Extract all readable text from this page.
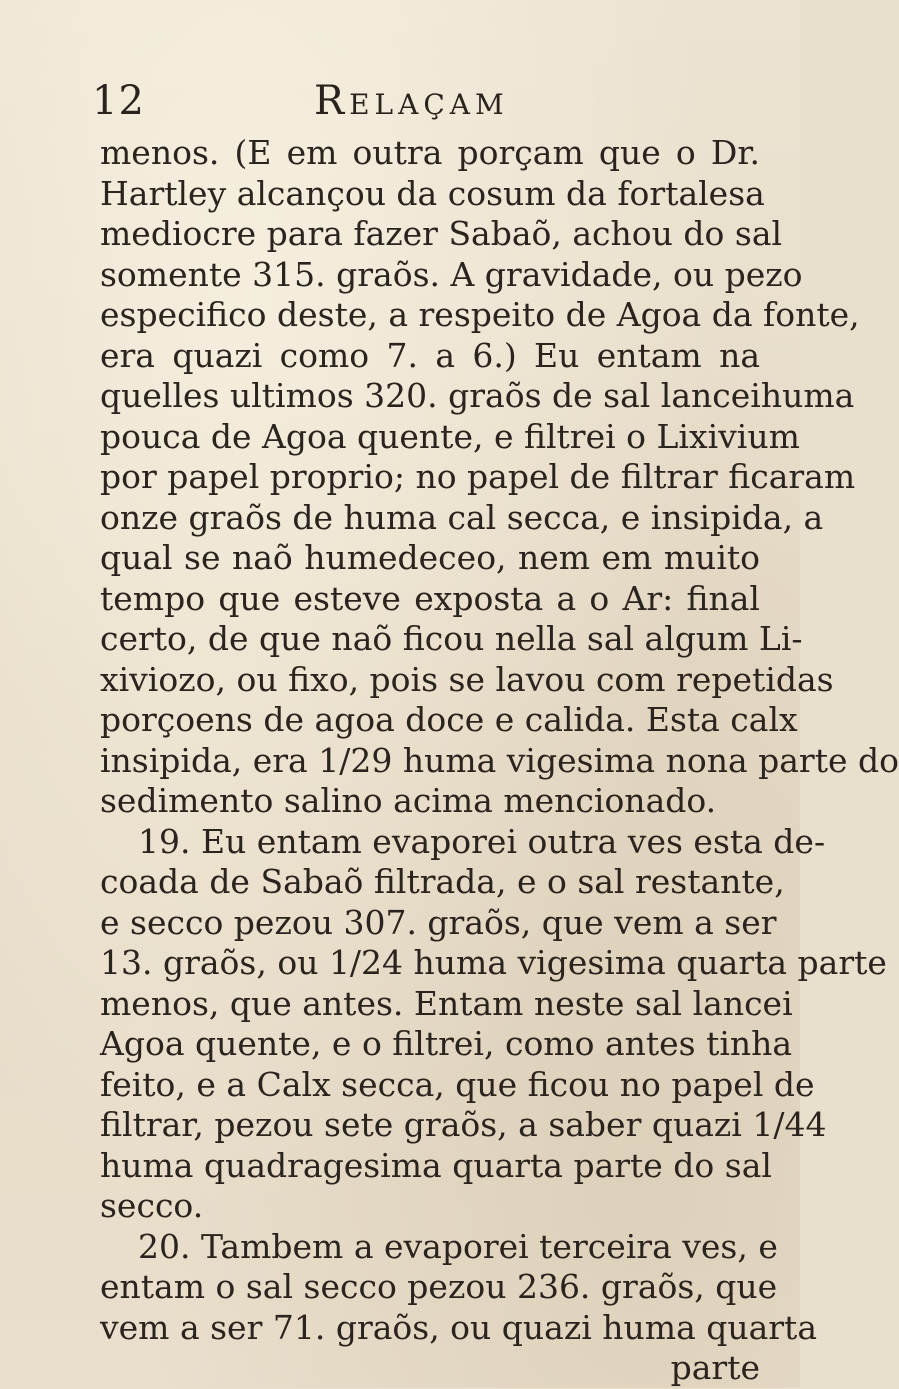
12	Relaçam
menos. (E em outra porçam que o Dr.
Hartley alcançou da cosum da fortalesa
mediocre para fazer Sabaõ, achou do sal
somente 315. graõs. A gravidade, ou pezo
especifico deste, a respeito de Agoa da fonte,
era quazi como 7. a 6.) Eu entam na
quelles ultimos 320. graõs de sal lanceihuma
pouca de Agoa quente, e filtrei o Lixivium
por papel proprio; no papel de filtrar ficaram
onze graõs de huma cal secca, e insipida, a
qual se naõ humedeceo, nem em muito
tempo que esteve exposta a o Ar: final
certo, de que naõ ficou nella sal algum Li-
xiviozo, ou fixo, pois se lavou com repetidas
porçoens de agoa doce e calida. Esta calx
insipida, era 1/29 huma vigesima nona parte do
sedimento salino acima mencionado.
19. Eu entam evaporei outra ves esta de-
coada de Sabaõ filtrada, e o sal restante,
e secco pezou 307. graõs, que vem a ser
13. graõs, ou 1/24 huma vigesima quarta parte
menos, que antes. Entam neste sal lancei
Agoa quente, e o filtrei, como antes tinha
feito, e a Calx secca, que ficou no papel de
filtrar, pezou sete graõs, a saber quazi 1/44
huma quadragesima quarta parte do sal
secco.
20. Tambem a evaporei terceira ves, e
entam o sal secco pezou 236. graõs, que
vem a ser 71. graõs, ou quazi huma quarta
parte
